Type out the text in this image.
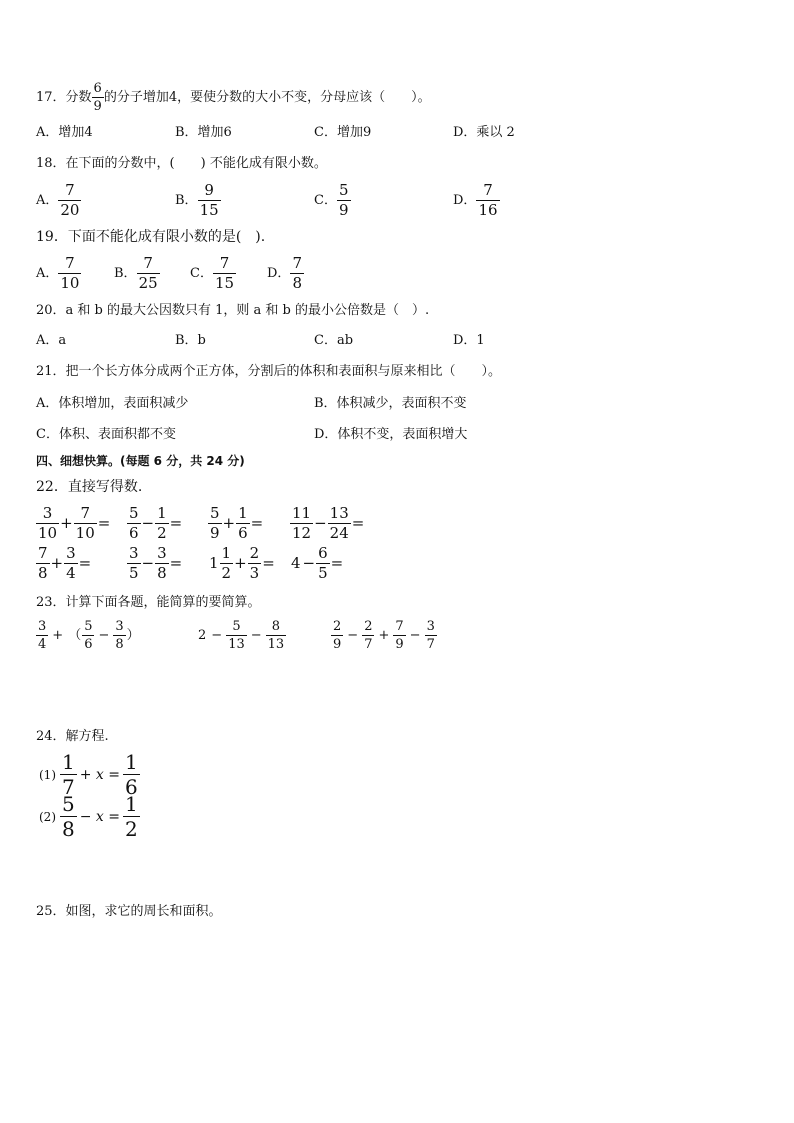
17．分数 $\frac{6}{9}$ 的分子增加4，要使分数的大小不变，分母应该（　　）。
A．增加4	B．增加6	C．增加9	D．乘以 2
18．在下面的分数中，(　　) 不能化成有限小数。
A． $\frac{7}{20}$	B． $\frac{9}{15}$	C． $\frac{5}{9}$	D． $\frac{7}{16}$
19．下面不能化成有限小数的是(　).
A． $\frac{7}{10}$	B． $\frac{7}{25}$ C． $\frac{7}{15}$ D． $\frac{7}{8}$
20．a 和 b 的最大公因数只有 1，则 a 和 b 的最小公倍数是（　）.
A．a	B．b	C．ab	D．1
21．把一个长方体分成两个正方体，分割后的体积和表面积与原来相比（　　）。
A．体积增加，表面积减少	B．体积减少，表面积不变
C．体积、表面积都不变	D．体积不变，表面积增大
四、细想快算。(每题 6 分，共 24 分)
22．直接写得数.
$\frac{3}{10} + \frac{7}{10} = \frac{5}{6} - \frac{1}{2} = \frac{5}{9} + \frac{1}{6} = \frac{11}{12} - \frac{13}{24}$ =
$\frac{7}{8} + \frac{3}{4} = \frac{3}{5} - \frac{3}{8} = 1 \frac{1}{2} + \frac{2}{3} = 4 - \frac{6}{5}$ =
23．计算下面各题，能简算的要简算。
$\frac{3}{4}$ + （ $\frac{5}{6} - \frac{3}{8}$ ）	$2 - \frac{5}{13} - \frac{8}{13}$	$\frac{2}{9} - \frac{2}{7} + \frac{7}{9} - \frac{3}{7}$
24．解方程.
$(1) \frac{1}{7} + x = \frac{1}{6}$
$(2) \frac{5}{8} - x = \frac{1}{2}$
25．如图，求它的周长和面积。
